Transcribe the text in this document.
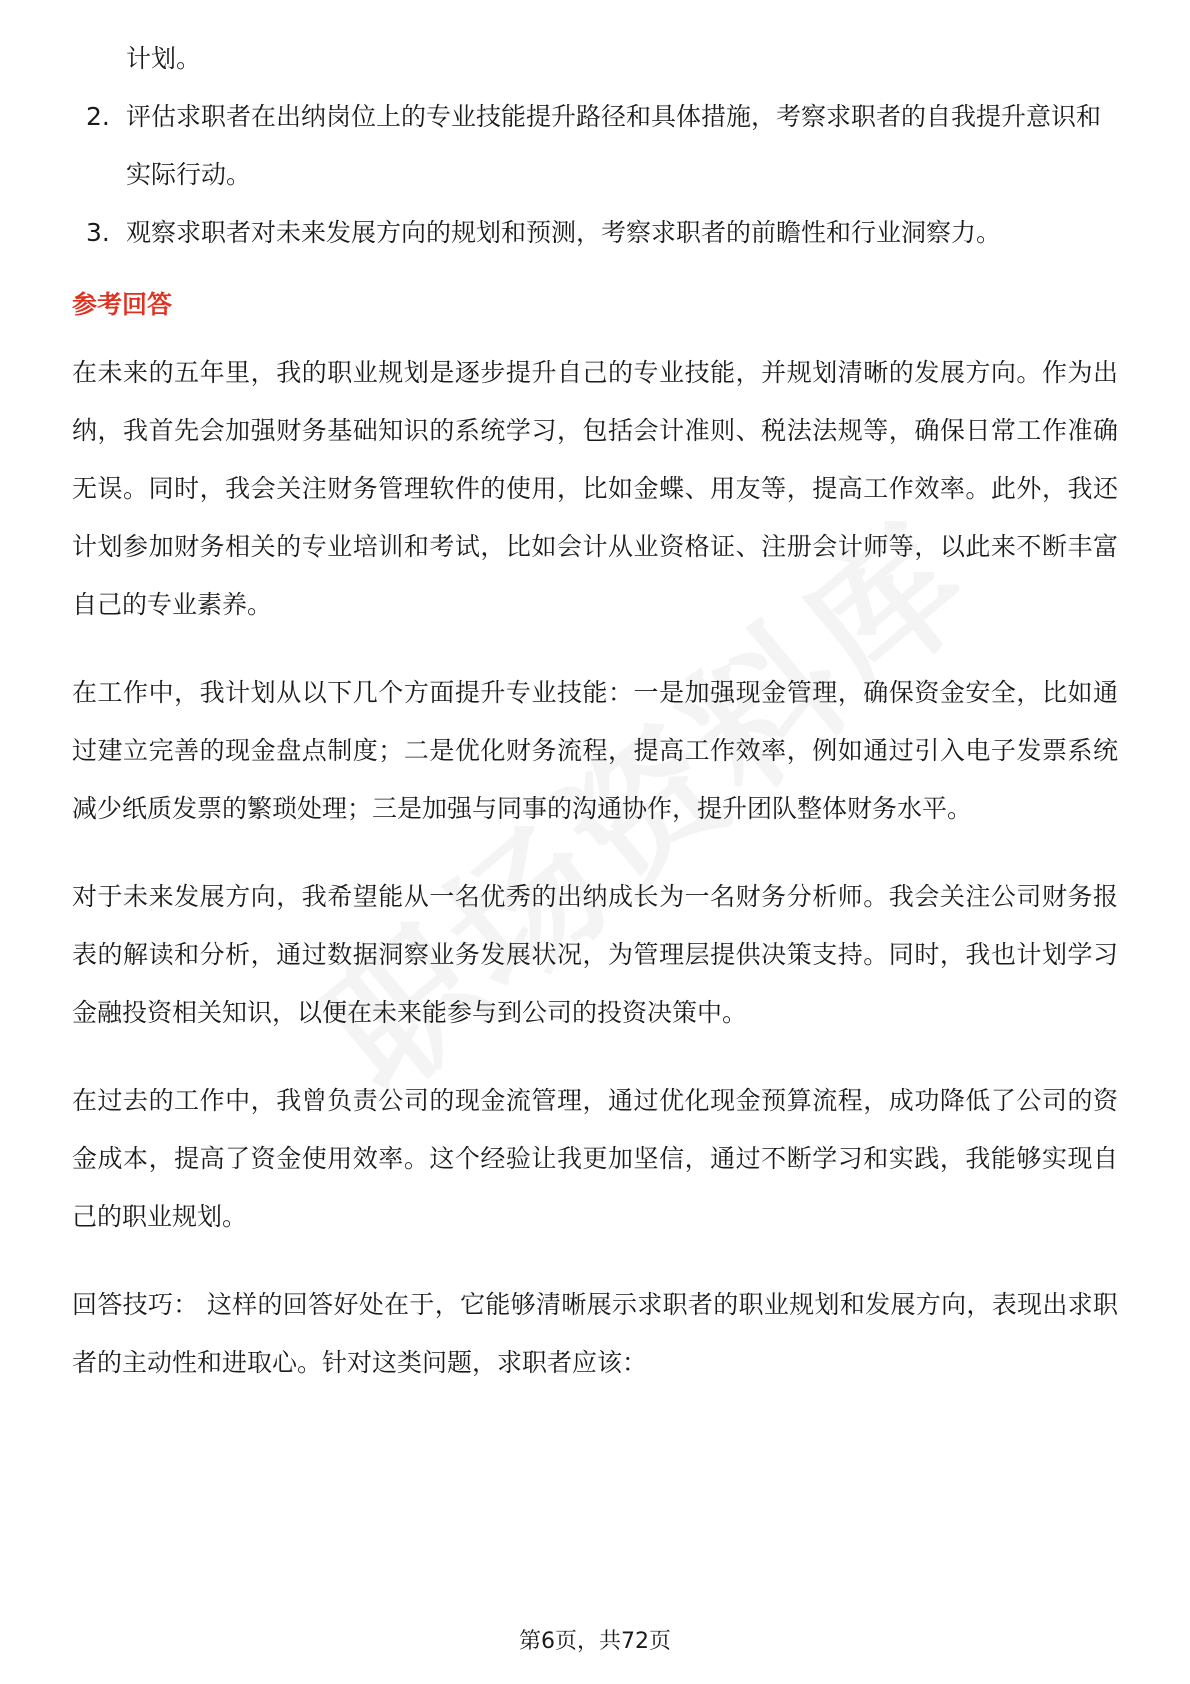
计划。
2. 评估求职者在出纳岗位上的专业技能提升路径和具体措施，考察求职者的自我提升意识和实际行动。
3. 观察求职者对未来发展方向的规划和预测，考察求职者的前瞻性和行业洞察力。
参考回答

在未来的五年里，我的职业规划是逐步提升自己的专业技能，并规划清晰的发展方向。作为出纳，我首先会加强财务基础知识的系统学习，包括会计准则、税法法规等，确保日常工作准确无误。同时，我会关注财务管理软件的使用，比如金蝶、用友等，提高工作效率。此外，我还计划参加财务相关的专业培训和考试，比如会计从业资格证、注册会计师等，以此来不断丰富自己的专业素养。

在工作中，我计划从以下几个方面提升专业技能：一是加强现金管理，确保资金安全，比如通过建立完善的现金盘点制度；二是优化财务流程，提高工作效率，例如通过引入电子发票系统减少纸质发票的繁琐处理；三是加强与同事的沟通协作，提升团队整体财务水平。

对于未来发展方向，我希望能从一名优秀的出纳成长为一名财务分析师。我会关注公司财务报表的解读和分析，通过数据洞察业务发展状况，为管理层提供决策支持。同时，我也计划学习金融投资相关知识，以便在未来能参与到公司的投资决策中。

在过去的工作中，我曾负责公司的现金流管理，通过优化现金预算流程，成功降低了公司的资金成本，提高了资金使用效率。这个经验让我更加坚信，通过不断学习和实践，我能够实现自己的职业规划。

回答技巧： 这样的回答好处在于，它能够清晰展示求职者的职业规划和发展方向，表现出求职者的主动性和进取心。针对这类问题，求职者应该：

第6页，共72页
